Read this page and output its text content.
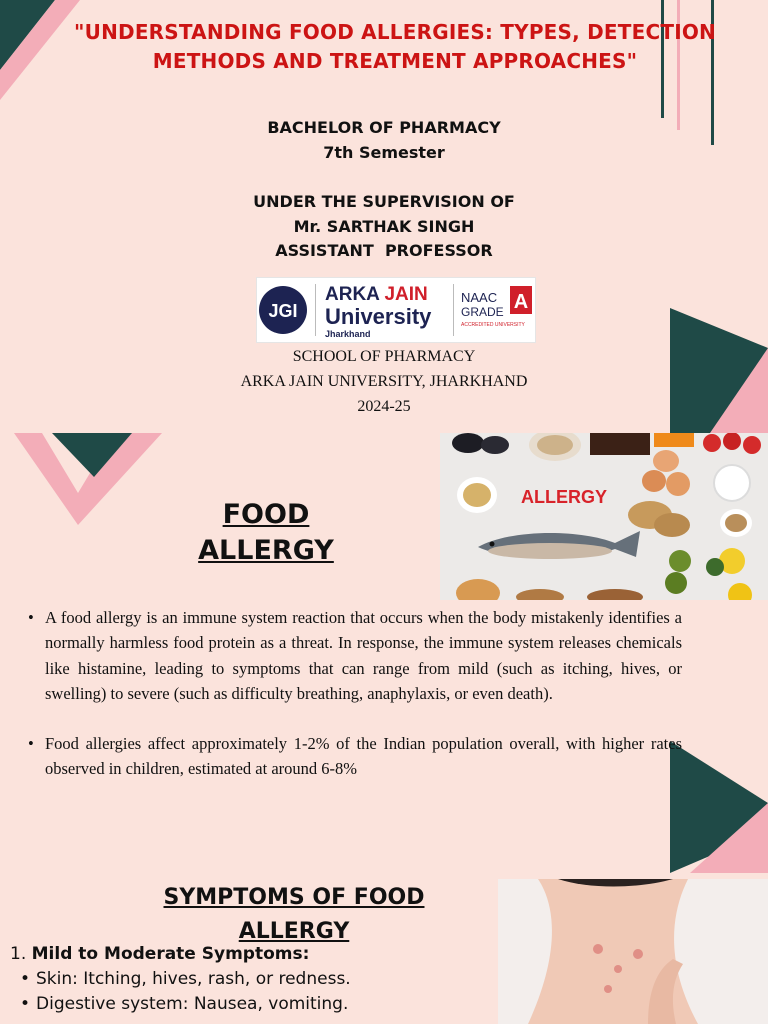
"UNDERSTANDING FOOD ALLERGIES: TYPES, DETECTION METHODS AND TREATMENT APPROACHES"
BACHELOR OF PHARMACY
7th Semester
UNDER THE SUPERVISION OF
Mr. SARTHAK SINGH
ASSISTANT  PROFESSOR
JGI
ARKA JAIN
University
Jharkhand
NAAC
GRADE A
ACCREDITED UNIVERSITY
SCHOOL OF PHARMACY
ARKA JAIN UNIVERSITY, JHARKHAND
2024-25
FOOD
ALLERGY
ALLERGY
• A food allergy is an immune system reaction that occurs when the body mistakenly identifies a normally harmless food protein as a threat. In response, the immune system releases chemicals like histamine, leading to symptoms that can range from mild (such as itching, hives, or swelling) to severe (such as difficulty breathing, anaphylaxis, or even death).
• Food allergies affect approximately 1-2% of the Indian population overall, with higher rates observed in children, estimated at around 6-8%
SYMPTOMS OF FOOD
ALLERGY
1. Mild to Moderate Symptoms:
• Skin: Itching, hives, rash, or redness.
• Digestive system: Nausea, vomiting.
